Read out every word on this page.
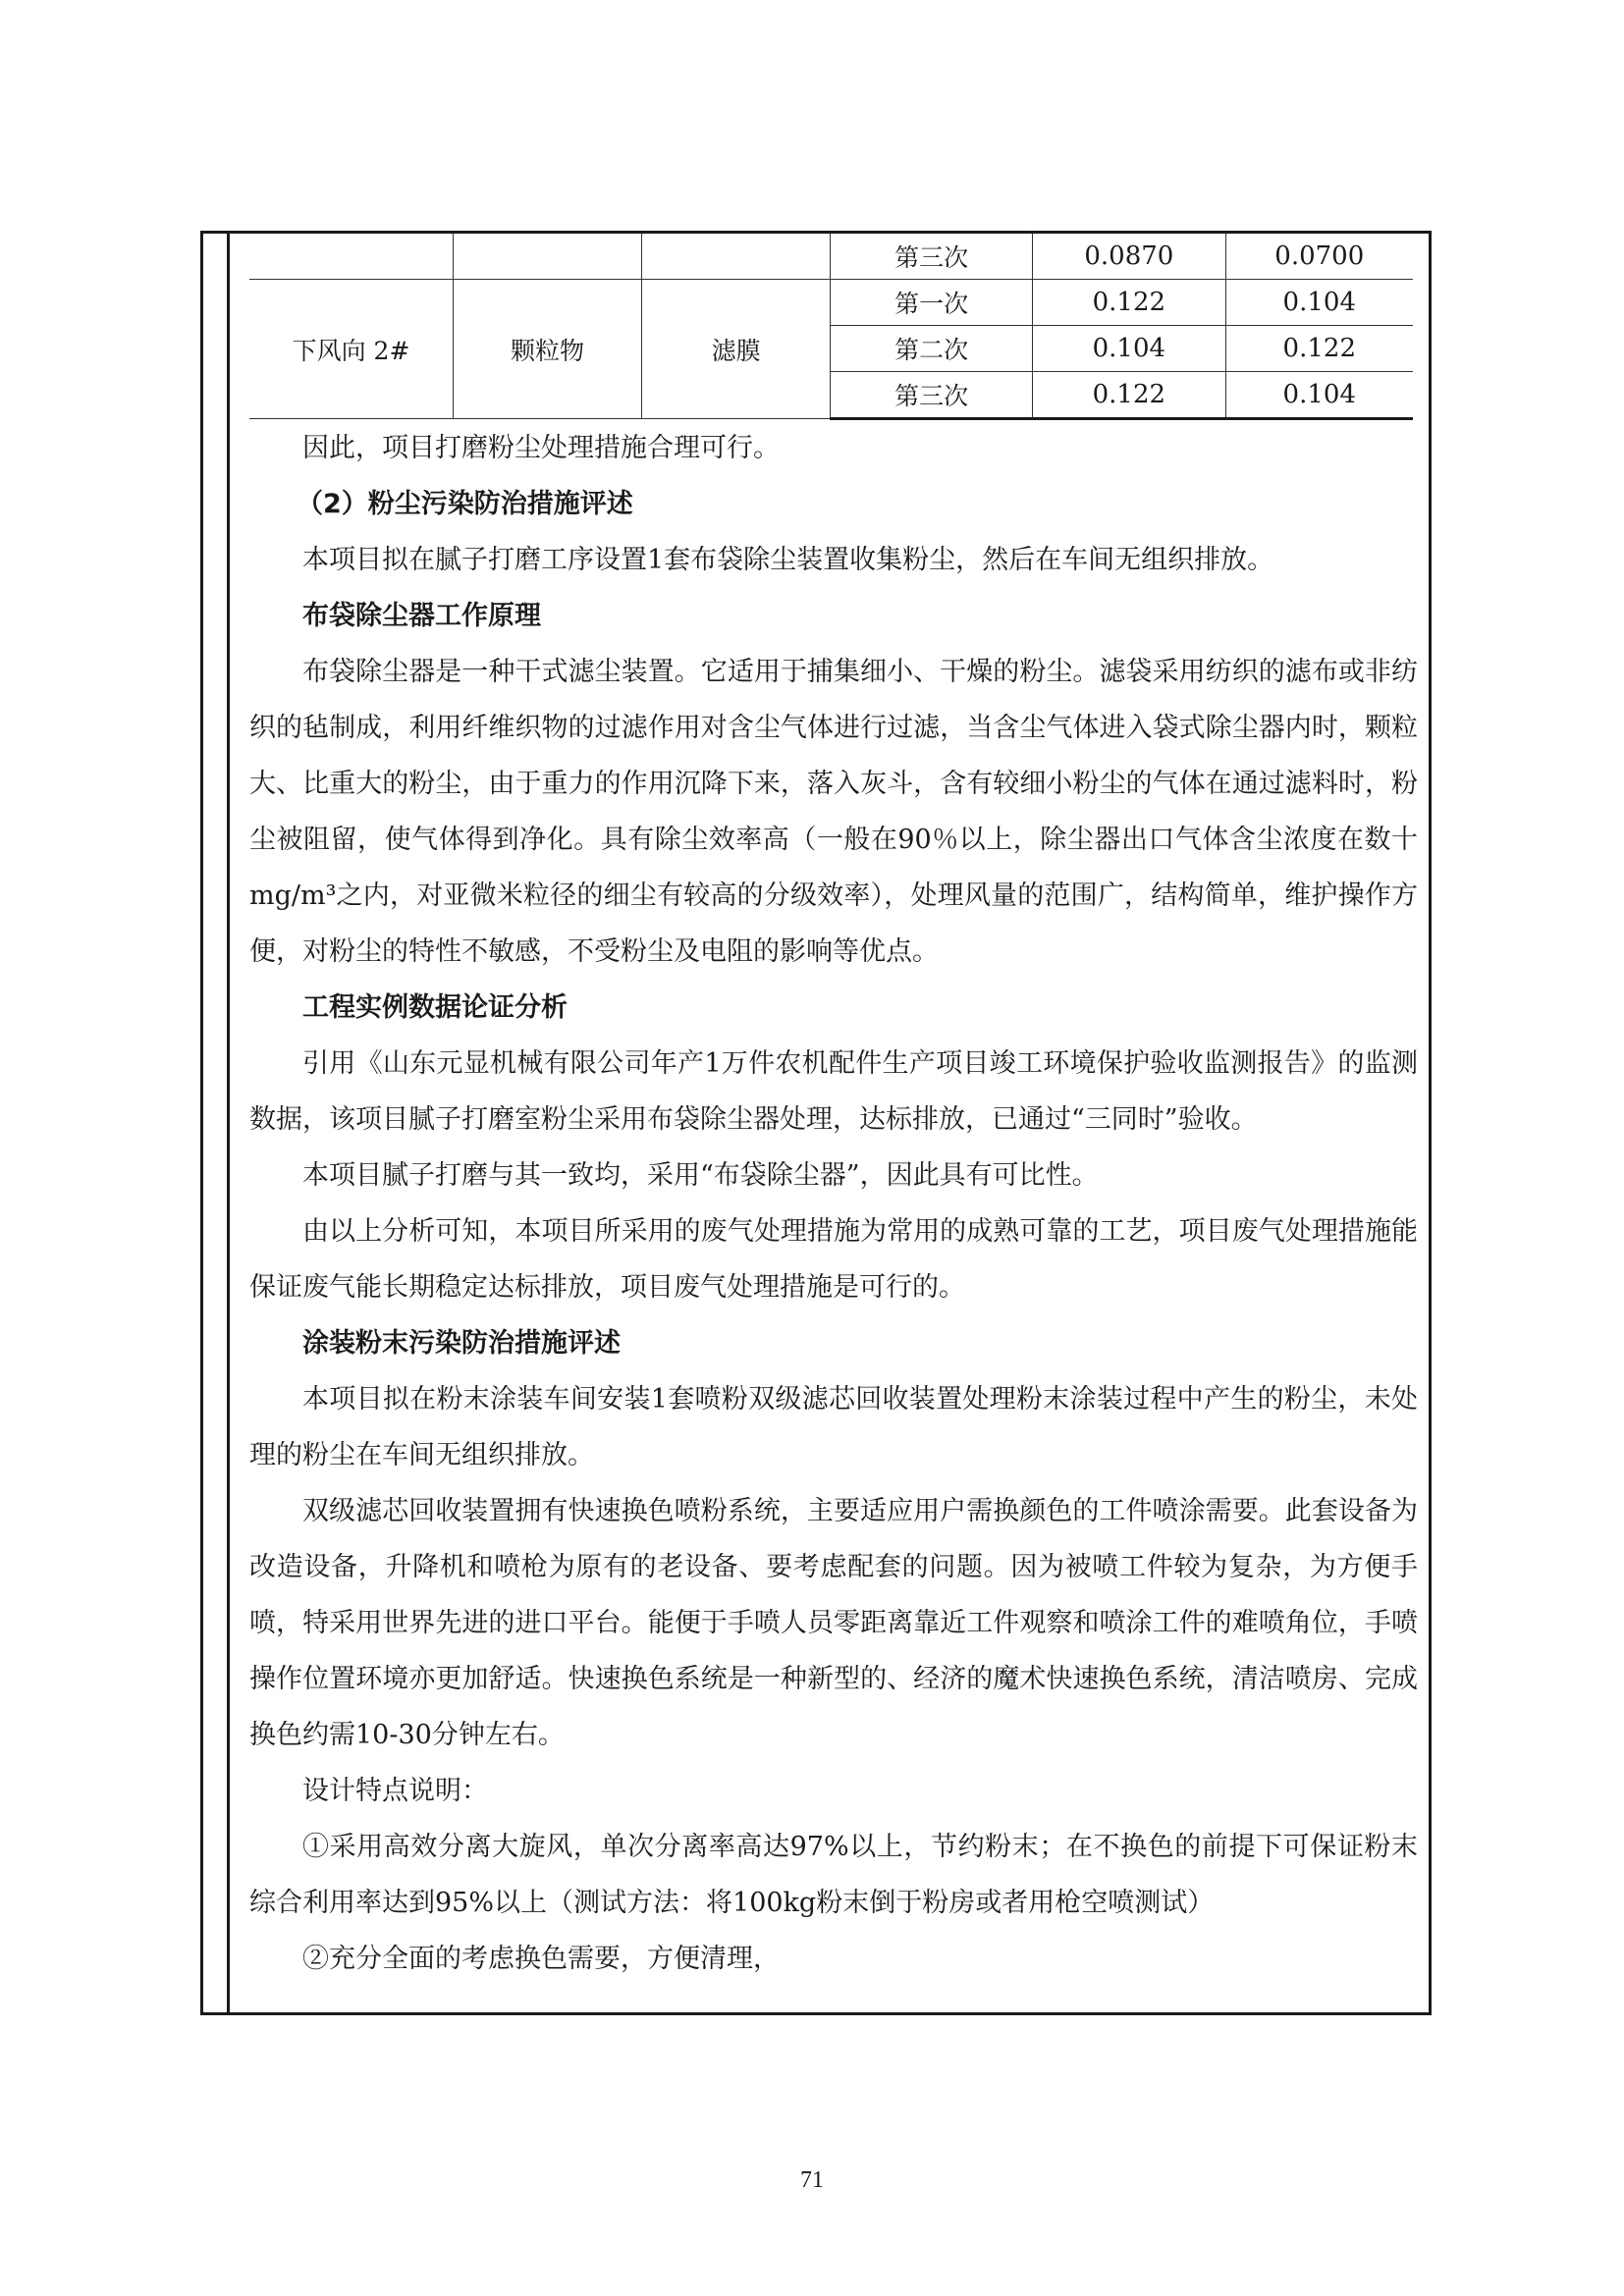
			第三次	0.0870	0.0700
下风向 2#	颗粒物	滤膜	第一次	0.122	0.104
			第二次	0.104	0.122
			第三次	0.122	0.104

因此，项目打磨粉尘处理措施合理可行。

（2）粉尘污染防治措施评述

本项目拟在腻子打磨工序设置1套布袋除尘装置收集粉尘，然后在车间无组织排放。

布袋除尘器工作原理

布袋除尘器是一种干式滤尘装置。它适用于捕集细小、干燥的粉尘。滤袋采用纺织的滤布或非纺织的毡制成，利用纤维织物的过滤作用对含尘气体进行过滤，当含尘气体进入袋式除尘器内时，颗粒大、比重大的粉尘，由于重力的作用沉降下来，落入灰斗，含有较细小粉尘的气体在通过滤料时，粉尘被阻留，使气体得到净化。具有除尘效率高（一般在90％以上，除尘器出口气体含尘浓度在数十mg/m³之内，对亚微米粒径的细尘有较高的分级效率），处理风量的范围广，结构简单，维护操作方便，对粉尘的特性不敏感，不受粉尘及电阻的影响等优点。

工程实例数据论证分析

引用《山东元显机械有限公司年产1万件农机配件生产项目竣工环境保护验收监测报告》的监测数据，该项目腻子打磨室粉尘采用布袋除尘器处理，达标排放，已通过“三同时”验收。

本项目腻子打磨与其一致均，采用“布袋除尘器”，因此具有可比性。

由以上分析可知，本项目所采用的废气处理措施为常用的成熟可靠的工艺，项目废气处理措施能保证废气能长期稳定达标排放，项目废气处理措施是可行的。

涂装粉末污染防治措施评述

本项目拟在粉末涂装车间安装1套喷粉双级滤芯回收装置处理粉末涂装过程中产生的粉尘，未处理的粉尘在车间无组织排放。

双级滤芯回收装置拥有快速换色喷粉系统，主要适应用户需换颜色的工件喷涂需要。此套设备为改造设备，升降机和喷枪为原有的老设备、要考虑配套的问题。因为被喷工件较为复杂，为方便手喷，特采用世界先进的进口平台。能便于手喷人员零距离靠近工件观察和喷涂工件的难喷角位，手喷操作位置环境亦更加舒适。快速换色系统是一种新型的、经济的魔术快速换色系统，清洁喷房、完成换色约需10-30分钟左右。

设计特点说明：

①采用高效分离大旋风，单次分离率高达97%以上，节约粉末；在不换色的前提下可保证粉末综合利用率达到95%以上（测试方法：将100kg粉末倒于粉房或者用枪空喷测试）

②充分全面的考虑换色需要，方便清理，

71
